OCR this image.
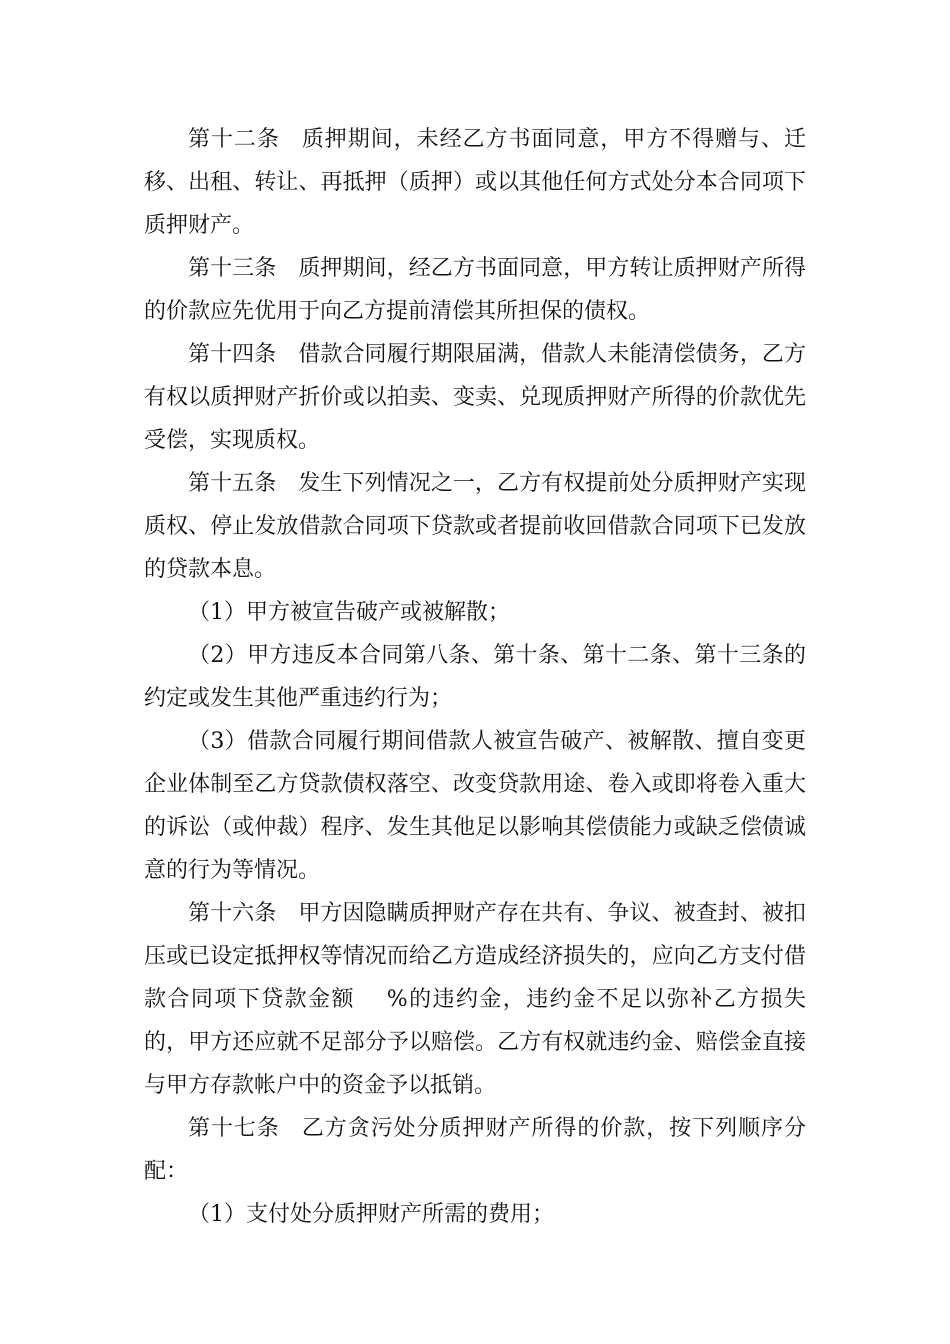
第十二条 质押期间，未经乙方书面同意，甲方不得赠与、迁移、出租、转让、再抵押（质押）或以其他任何方式处分本合同项下质押财产。

第十三条 质押期间，经乙方书面同意，甲方转让质押财产所得的价款应先优用于向乙方提前清偿其所担保的债权。

第十四条 借款合同履行期限届满，借款人未能清偿债务，乙方有权以质押财产折价或以拍卖、变卖、兑现质押财产所得的价款优先受偿，实现质权。

第十五条 发生下列情况之一，乙方有权提前处分质押财产实现质权、停止发放借款合同项下贷款或者提前收回借款合同项下已发放的贷款本息。

（1）甲方被宣告破产或被解散；

（2）甲方违反本合同第八条、第十条、第十二条、第十三条的约定或发生其他严重违约行为；

（3）借款合同履行期间借款人被宣告破产、被解散、擅自变更企业体制至乙方贷款债权落空、改变贷款用途、卷入或即将卷入重大的诉讼（或仲裁）程序、发生其他足以影响其偿债能力或缺乏偿债诚意的行为等情况。

第十六条 甲方因隐瞒质押财产存在共有、争议、被查封、被扣压或已设定抵押权等情况而给乙方造成经济损失的，应向乙方支付借款合同项下贷款金额　 %的违约金，违约金不足以弥补乙方损失的，甲方还应就不足部分予以赔偿。乙方有权就违约金、赔偿金直接与甲方存款帐户中的资金予以抵销。

第十七条 乙方贪污处分质押财产所得的价款，按下列顺序分配：

（1）支付处分质押财产所需的费用；
